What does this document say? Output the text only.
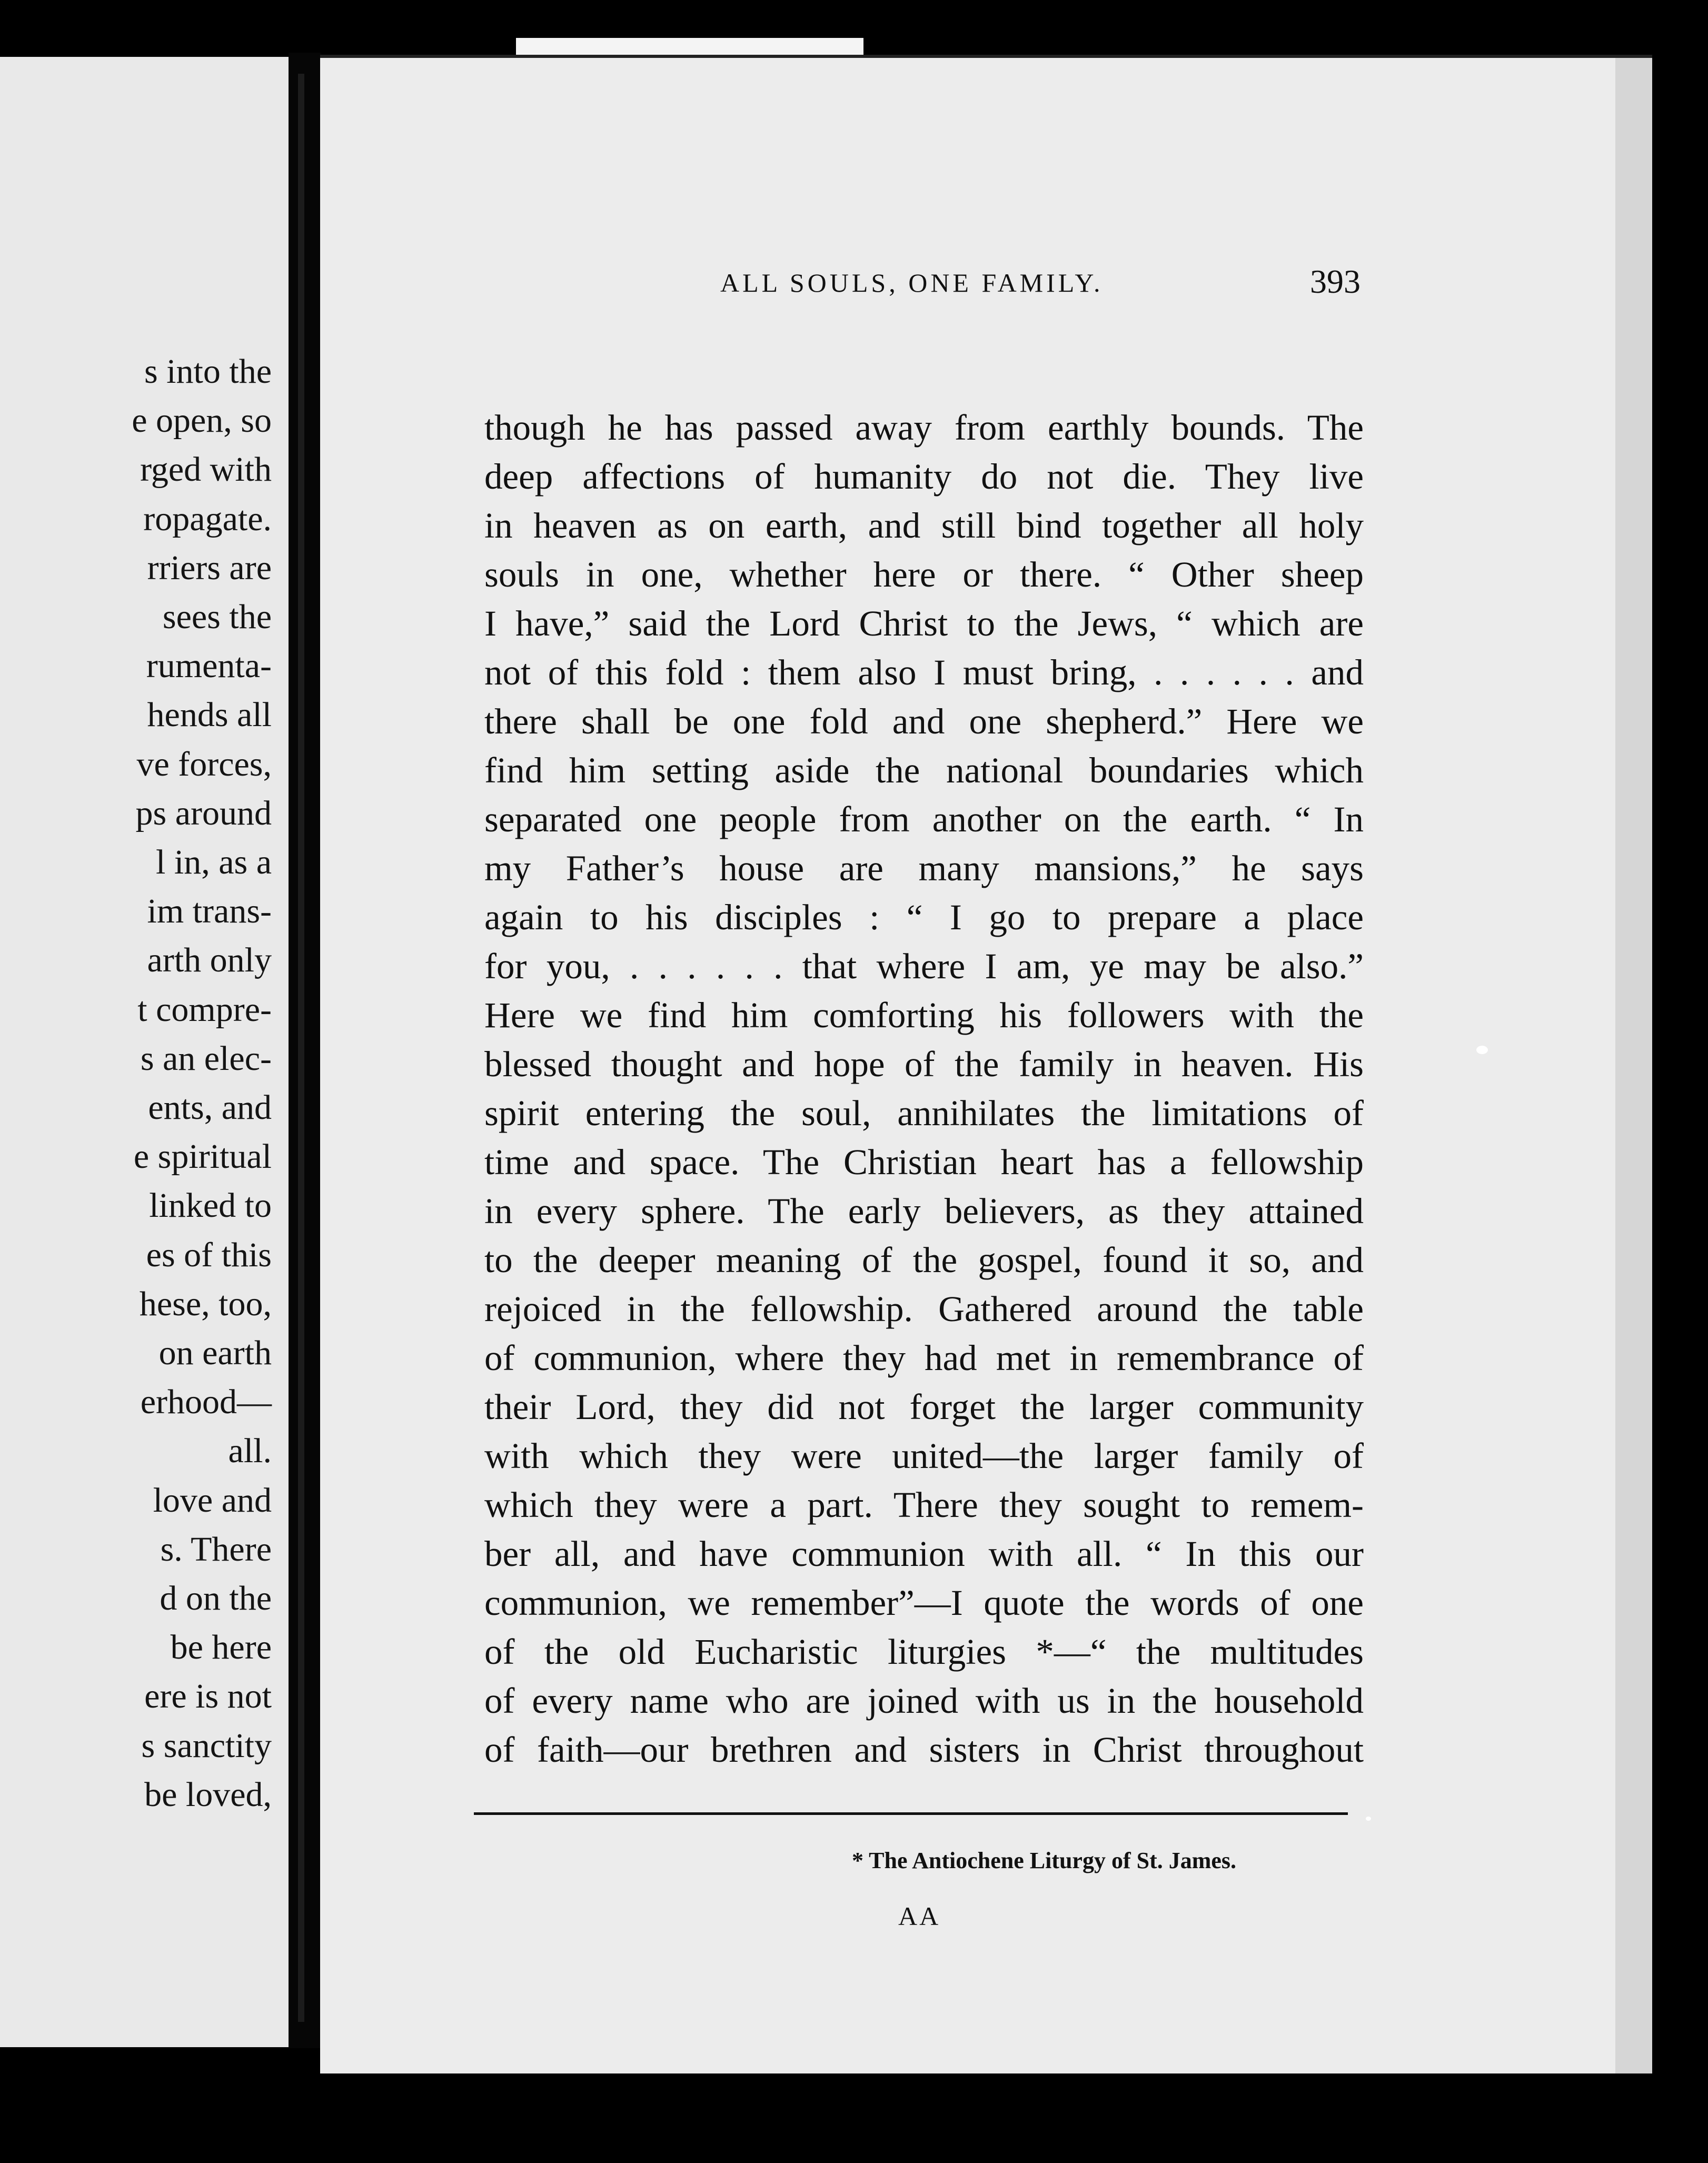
s into the
e open, so
rged with
ropagate.
rriers are
sees the
rumenta-
hends all
ve forces,
ps around
l in, as a
im trans-
arth only
t compre-
s an elec-
ents, and
e spiritual
linked to
es of this
hese, too,
on earth
erhood—
all.
love and
s. There
d on the
be here
ere is not
s sanctity
be loved,
ALL SOULS, ONE FAMILY.	393
though he has passed away from earthly bounds. The
deep affections of humanity do not die. They live
in heaven as on earth, and still bind together all holy
souls in one, whether here or there. “ Other sheep
I have,” said the Lord Christ to the Jews, “ which are
not of this fold : them also I must bring, . . . . . . and
there shall be one fold and one shepherd.” Here we
find him setting aside the national boundaries which
separated one people from another on the earth. “ In
my Father’s house are many mansions,” he says
again to his disciples : “ I go to prepare a place
for you, . . . . . . that where I am, ye may be also.”
Here we find him comforting his followers with the
blessed thought and hope of the family in heaven. His
spirit entering the soul, annihilates the limitations of
time and space. The Christian heart has a fellowship
in every sphere. The early believers, as they attained
to the deeper meaning of the gospel, found it so, and
rejoiced in the fellowship. Gathered around the table
of communion, where they had met in remembrance of
their Lord, they did not forget the larger community
with which they were united—the larger family of
which they were a part. There they sought to remem-
ber all, and have communion with all. “ In this our
communion, we remember”—I quote the words of one
of the old Eucharistic liturgies *—“ the multitudes
of every name who are joined with us in the household
of faith—our brethren and sisters in Christ throughout
* The Antiochene Liturgy of St. James.
AA
